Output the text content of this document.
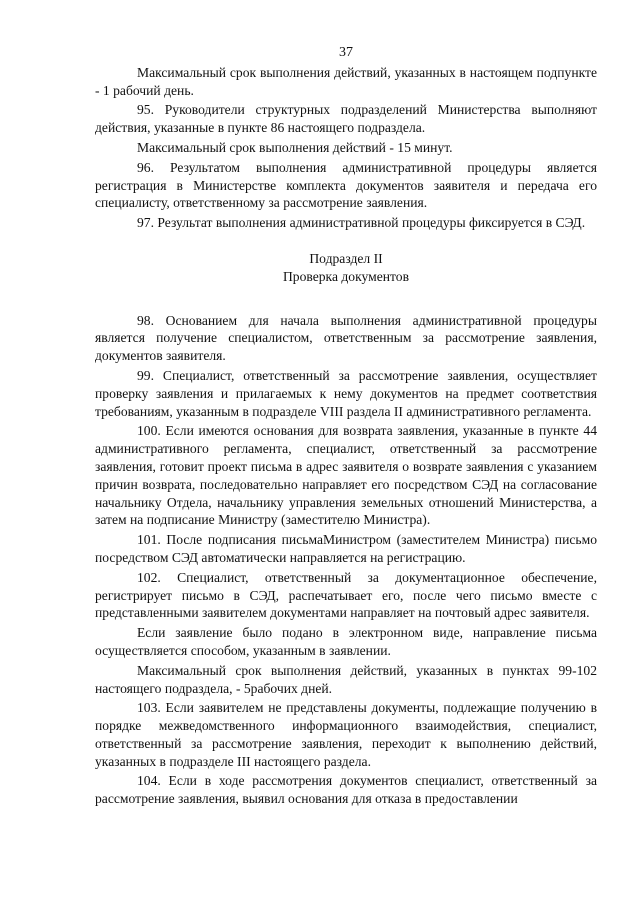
37

Максимальный срок выполнения действий, указанных в настоящем подпункте - 1 рабочий день.

95. Руководители структурных подразделений Министерства выполняют действия, указанные в пункте 86 настоящего подраздела.

Максимальный срок выполнения действий - 15 минут.

96. Результатом выполнения административной процедуры является регистрация в Министерстве комплекта документов заявителя и передача его специалисту, ответственному за рассмотрение заявления.

97. Результат выполнения административной процедуры фиксируется в СЭД.

Подраздел II

Проверка документов

98. Основанием для начала выполнения административной процедуры является получение специалистом, ответственным за рассмотрение заявления, документов заявителя.

99. Специалист, ответственный за рассмотрение заявления, осуществляет проверку заявления и прилагаемых к нему документов на предмет соответствия требованиям, указанным в подразделе VIII раздела II административного регламента.

100. Если имеются основания для возврата заявления, указанные в пункте 44 административного регламента, специалист, ответственный за рассмотрение заявления, готовит проект письма в адрес заявителя о возврате заявления с указанием причин возврата, последовательно направляет его посредством СЭД на согласование начальнику Отдела, начальнику управления земельных отношений Министерства, а затем на подписание Министру (заместителю Министра).

101. После подписания письмаМинистром (заместителем Министра) письмо посредством СЭД автоматически направляется на регистрацию.

102. Специалист, ответственный за документационное обеспечение, регистрирует письмо в СЭД, распечатывает его, после чего письмо вместе с представленными заявителем документами направляет на почтовый адрес заявителя.

Если заявление было подано в электронном виде, направление письма осуществляется способом, указанным в заявлении.

Максимальный срок выполнения действий, указанных в пунктах 99-102 настоящего подраздела, - 5рабочих дней.

103. Если заявителем не представлены документы, подлежащие получению в порядке межведомственного информационного взаимодействия, специалист, ответственный за рассмотрение заявления, переходит к выполнению действий, указанных в подразделе III настоящего раздела.

104. Если в ходе рассмотрения документов специалист, ответственный за рассмотрение заявления, выявил основания для отказа в предоставлении
